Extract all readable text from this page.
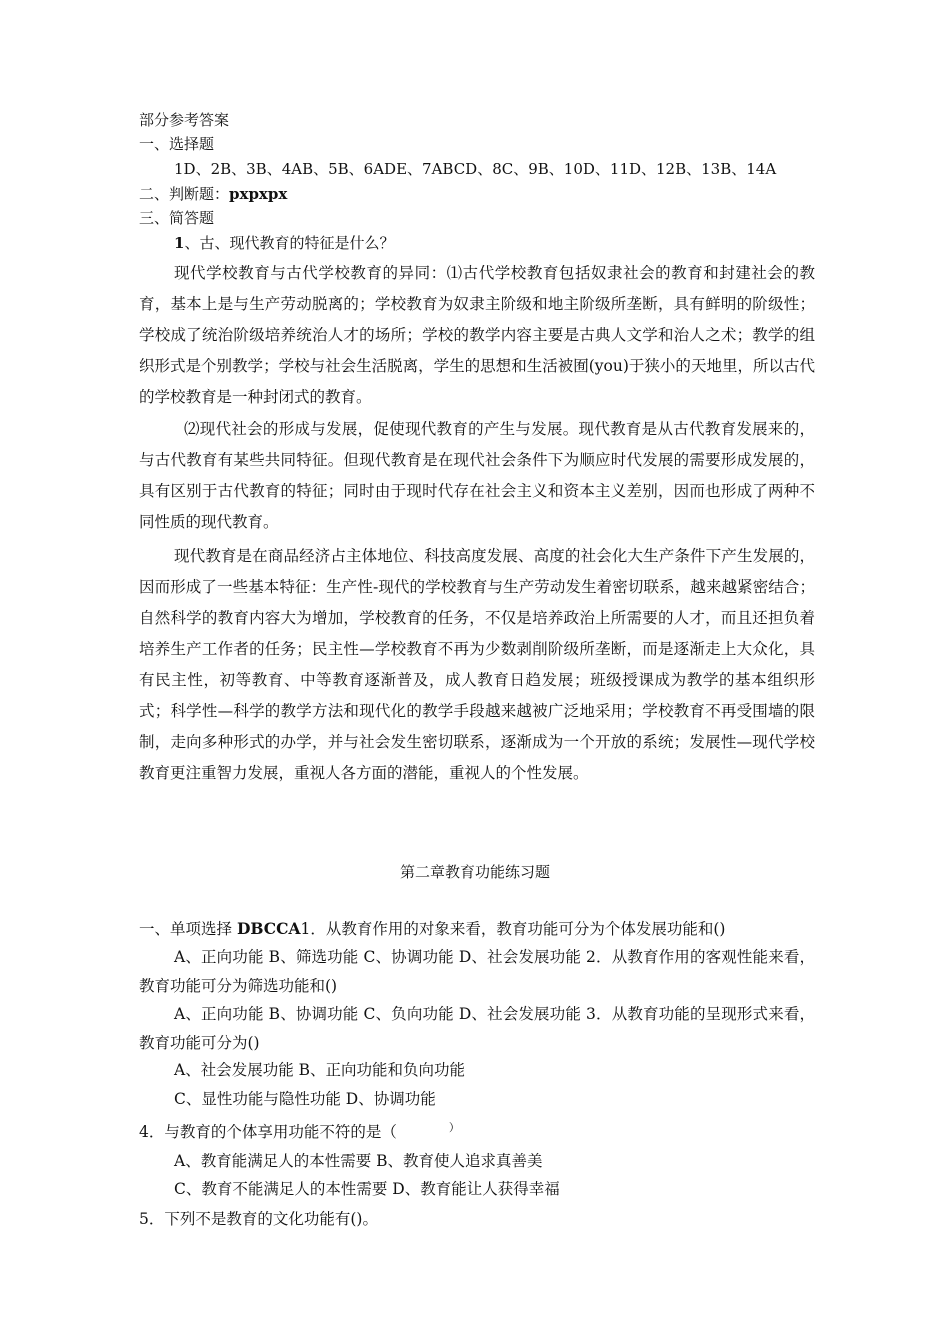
部分参考答案
一、选择题
1D、2B、3B、4AB、5B、6ADE、7ABCD、8C、9B、10D、11D、12B、13B、14A
二、判断题：pxpxpx
三、简答题
1、古、现代教育的特征是什么？

现代学校教育与古代学校教育的异同：⑴古代学校教育包括奴隶社会的教育和封建社会的教育，基本上是与生产劳动脱离的；学校教育为奴隶主阶级和地主阶级所垄断，具有鲜明的阶级性；学校成了统治阶级培养统治人才的场所；学校的教学内容主要是古典人文学和治人之术；教学的组织形式是个别教学；学校与社会生活脱离，学生的思想和生活被囿(you)于狭小的天地里，所以古代的学校教育是一种封闭式的教育。

⑵现代社会的形成与发展，促使现代教育的产生与发展。现代教育是从古代教育发展来的，与古代教育有某些共同特征。但现代教育是在现代社会条件下为顺应时代发展的需要形成发展的，具有区别于古代教育的特征；同时由于现时代存在社会主义和资本主义差别，因而也形成了两种不同性质的现代教育。

现代教育是在商品经济占主体地位、科技高度发展、高度的社会化大生产条件下产生发展的，因而形成了一些基本特征：生产性-现代的学校教育与生产劳动发生着密切联系，越来越紧密结合；自然科学的教育内容大为增加，学校教育的任务，不仅是培养政治上所需要的人才，而且还担负着培养生产工作者的任务；民主性—学校教育不再为少数剥削阶级所垄断，而是逐渐走上大众化，具有民主性，初等教育、中等教育逐渐普及，成人教育日趋发展；班级授课成为教学的基本组织形式；科学性—科学的教学方法和现代化的教学手段越来越被广泛地采用；学校教育不再受围墙的限制，走向多种形式的办学，并与社会发生密切联系，逐渐成为一个开放的系统；发展性—现代学校教育更注重智力发展，重视人各方面的潜能，重视人的个性发展。

第二章教育功能练习题

一、单项选择 DBCCA1．从教育作用的对象来看，教育功能可分为个体发展功能和()

A、正向功能 B、筛选功能 C、协调功能 D、社会发展功能 2．从教育作用的客观性能来看，教育功能可分为筛选功能和()

A、正向功能 B、协调功能 C、负向功能 D、社会发展功能 3．从教育功能的呈现形式来看，教育功能可分为()

A、社会发展功能 B、正向功能和负向功能
C、显性功能与隐性功能 D、协调功能
4．与教育的个体享用功能不符的是（	）
A、教育能满足人的本性需要 B、教育使人追求真善美
C、教育不能满足人的本性需要 D、教育能让人获得幸福
5．下列不是教育的文化功能有()。
